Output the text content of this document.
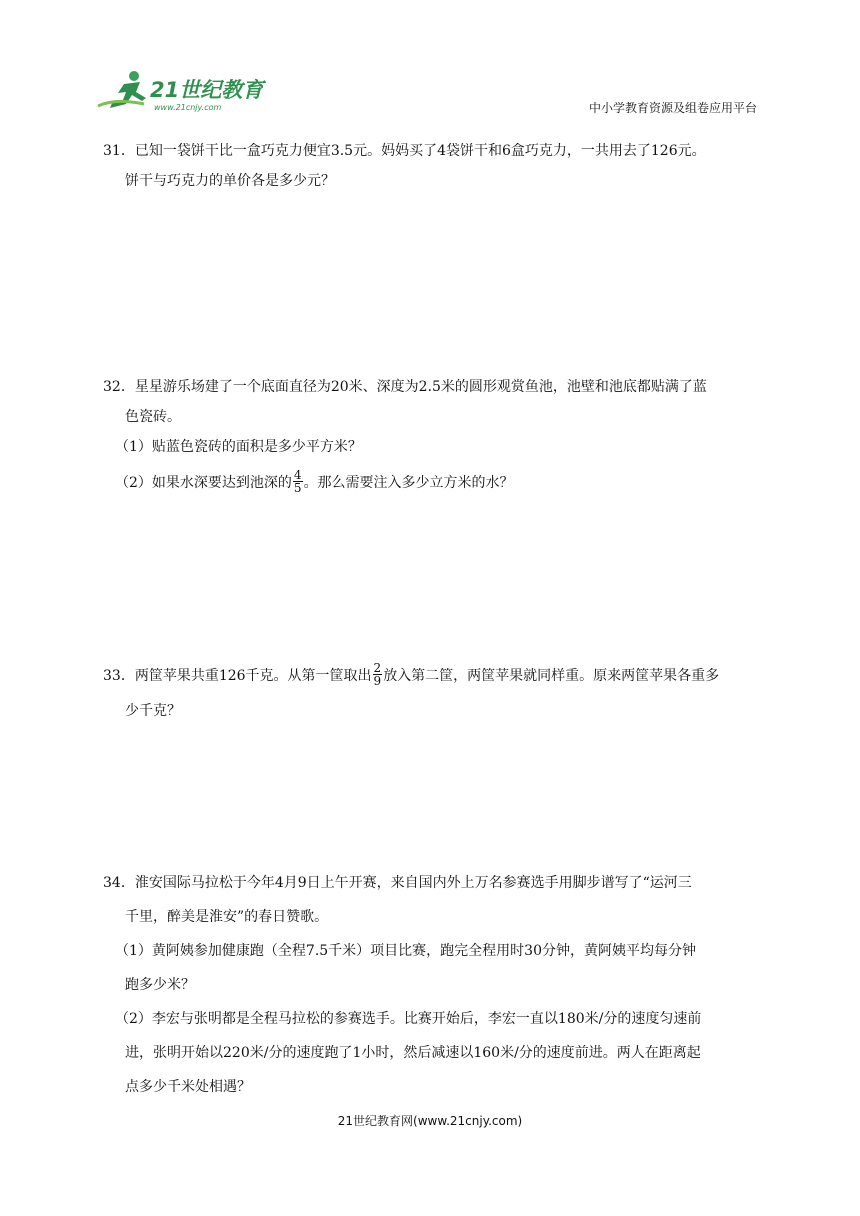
21世纪教育
www.21cnjy.com	中小学教育资源及组卷应用平台
31．已知一袋饼干比一盒巧克力便宜3.5元。妈妈买了4袋饼干和6盒巧克力，一共用去了126元。
饼干与巧克力的单价各是多少元？
32．星星游乐场建了一个底面直径为20米、深度为2.5米的圆形观赏鱼池，池壁和池底都贴满了蓝
色瓷砖。
（1）贴蓝色瓷砖的面积是多少平方米？
（2）如果水深要达到池深的 $\frac{4}{5}$ 。那么需要注入多少立方米的水？
33．两筐苹果共重126千克。从第一筐取出 $\frac{2}{9}$ 放入第二筐，两筐苹果就同样重。原来两筐苹果各重多
少千克？
34．淮安国际马拉松于今年4月9日上午开赛，来自国内外上万名参赛选手用脚步谱写了“运河三
千里，醉美是淮安”的春日赞歌。
（1）黄阿姨参加健康跑（全程7.5千米）项目比赛，跑完全程用时30分钟，黄阿姨平均每分钟
跑多少米？
（2）李宏与张明都是全程马拉松的参赛选手。比赛开始后，李宏一直以180米/分的速度匀速前
进，张明开始以220米/分的速度跑了1小时，然后减速以160米/分的速度前进。两人在距离起
点多少千米处相遇？
21世纪教育网(www.21cnjy.com)
